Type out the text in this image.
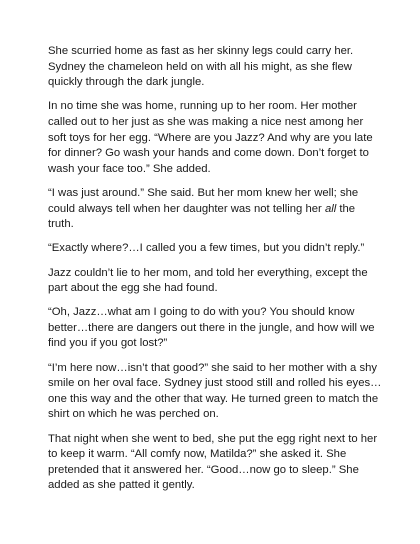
She scurried home as fast as her skinny legs could carry her. Sydney the chameleon held on with all his might, as she flew quickly through the dark jungle.

In no time she was home, running up to her room. Her mother called out to her just as she was making a nice nest among her soft toys for her egg. “Where are you Jazz? And why are you late for dinner? Go wash your hands and come down. Don’t forget to wash your face too.” She added.

“I was just around.” She said. But her mom knew her well; she could always tell when her daughter was not telling her all the truth.

“Exactly where?…I called you a few times, but you didn’t reply.”

Jazz couldn’t lie to her mom, and told her everything, except the part about the egg she had found.

“Oh, Jazz…what am I going to do with you? You should know better…there are dangers out there in the jungle, and how will we find you if you got lost?”

“I’m here now…isn’t that good?” she said to her mother with a shy smile on her oval face. Sydney just stood still and rolled his eyes…one this way and the other that way. He turned green to match the shirt on which he was perched on.

That night when she went to bed, she put the egg right next to her to keep it warm. “All comfy now, Matilda?” she asked it. She pretended that it answered her. “Good…now go to sleep.” She added as she patted it gently.
